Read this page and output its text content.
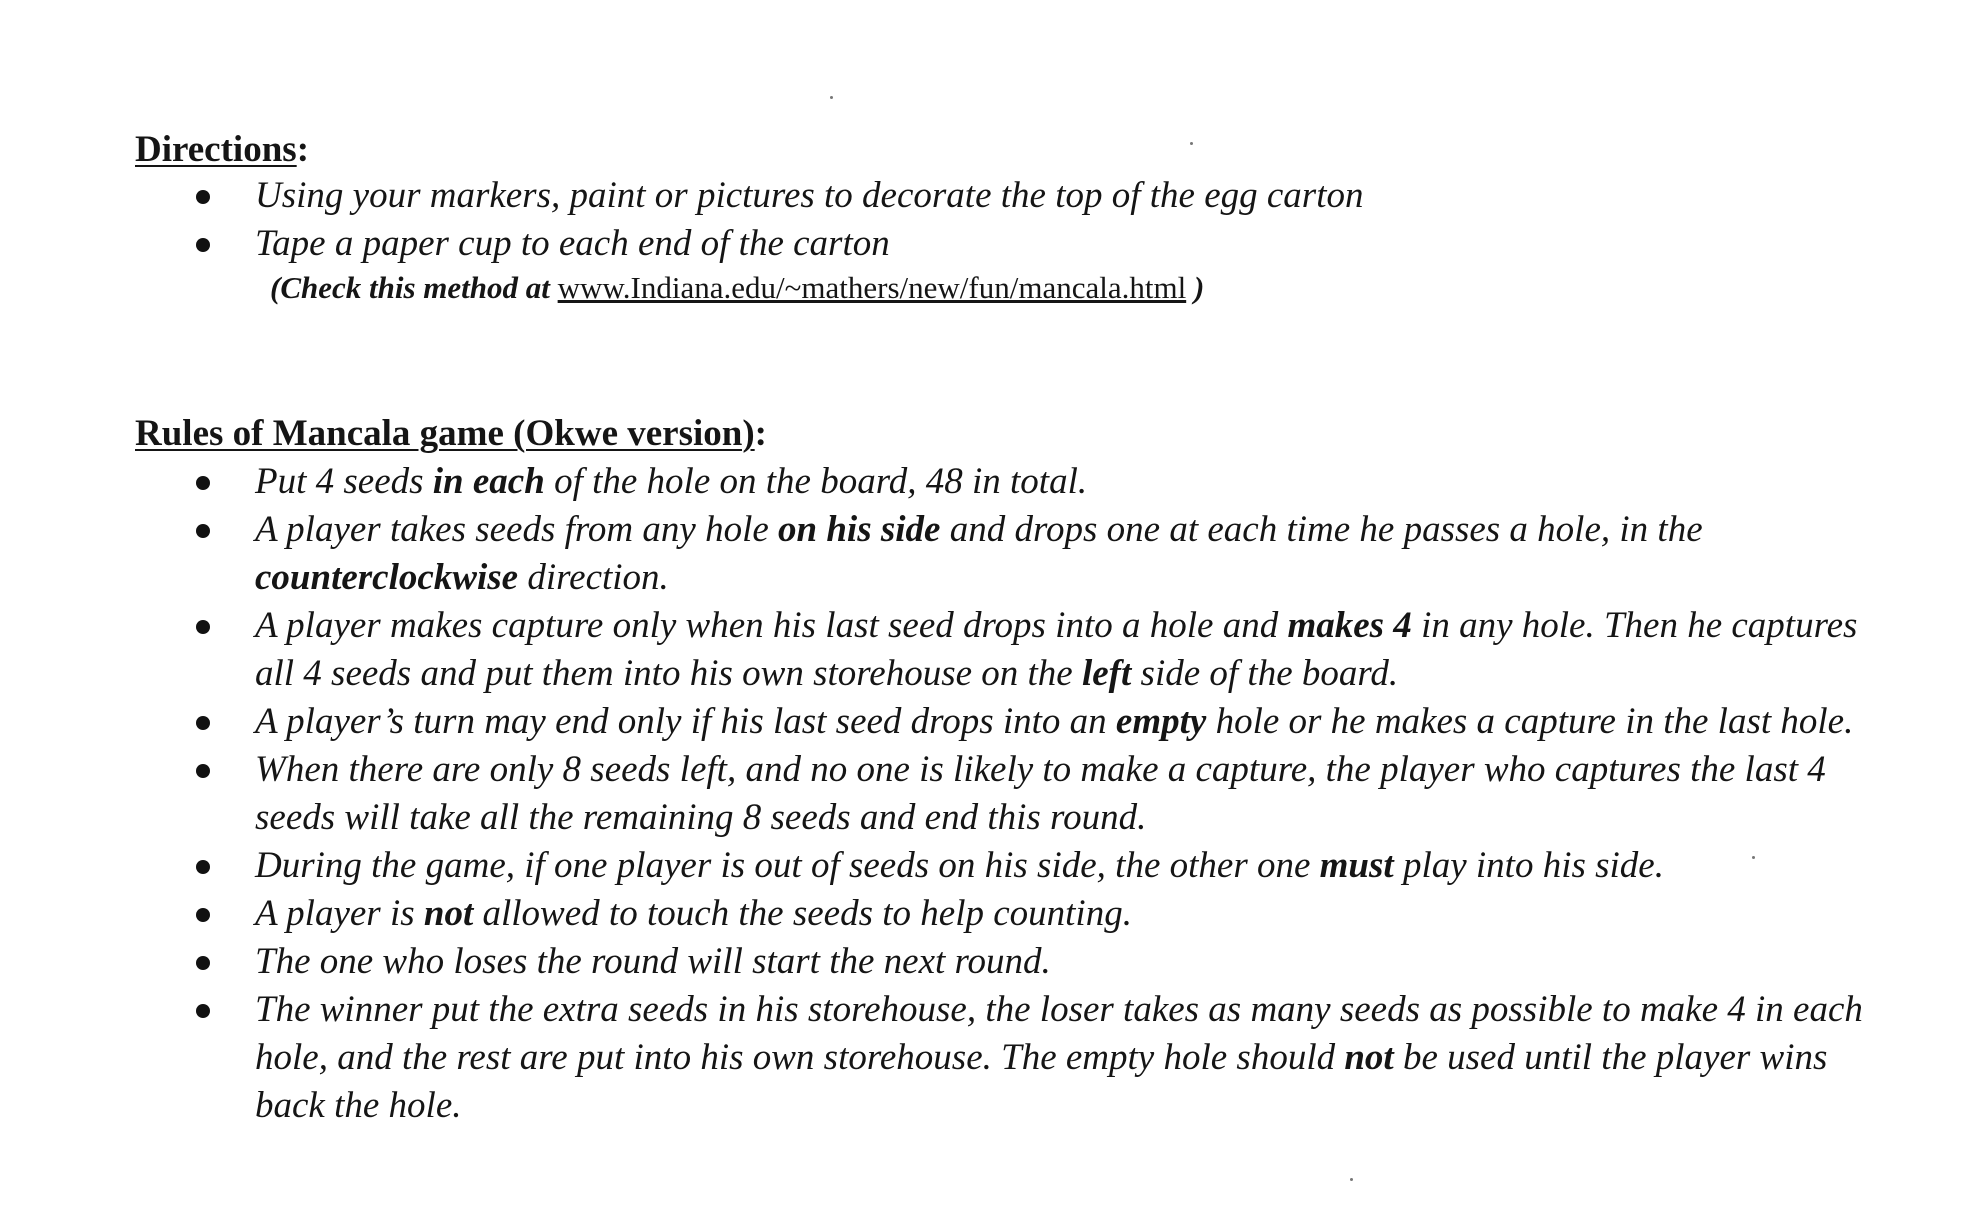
Directions:
Using your markers, paint or pictures to decorate the top of the egg carton
Tape a paper cup to each end of the carton
(Check this method at www.Indiana.edu/~mathers/new/fun/mancala.html )
Rules of Mancala game (Okwe version):
Put 4 seeds in each of the hole on the board, 48 in total.
A player takes seeds from any hole on his side and drops one at each time he passes a hole, in the counterclockwise direction.
A player makes capture only when his last seed drops into a hole and makes 4 in any hole. Then he captures all 4 seeds and put them into his own storehouse on the left side of the board.
A player’s turn may end only if his last seed drops into an empty hole or he makes a capture in the last hole.
When there are only 8 seeds left, and no one is likely to make a capture, the player who captures the last 4 seeds will take all the remaining 8 seeds and end this round.
During the game, if one player is out of seeds on his side, the other one must play into his side.
A player is not allowed to touch the seeds to help counting.
The one who loses the round will start the next round.
The winner put the extra seeds in his storehouse, the loser takes as many seeds as possible to make 4 in each hole, and the rest are put into his own storehouse. The empty hole should not be used until the player wins back the hole.
